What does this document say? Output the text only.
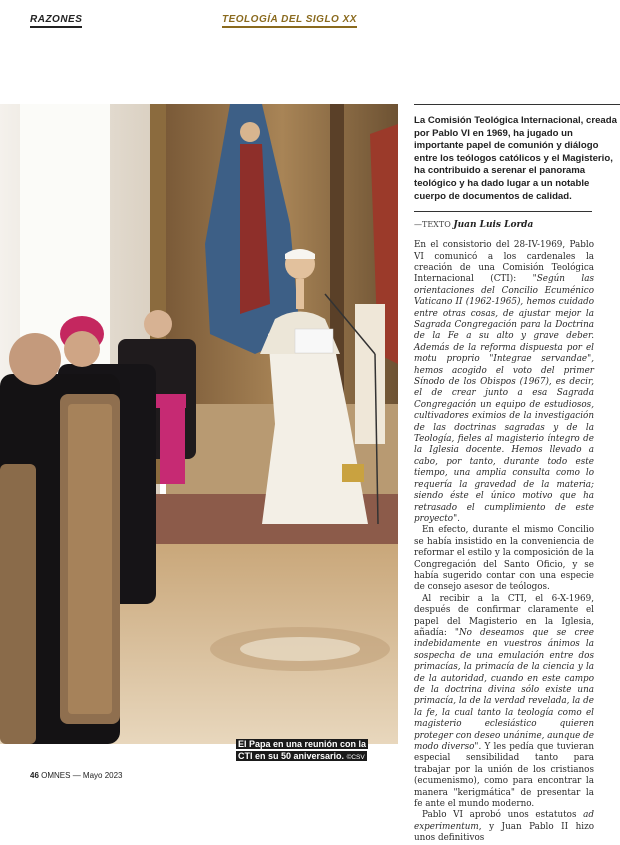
RAZONES	TEOLOGÍA DEL SIGLO XX
El Papa en una reunión con la CTI en su 50 aniversario. ©CSV
La Comisión Teológica Internacional, creada por Pablo VI en 1969, ha jugado un importante papel de comunión y diálogo entre los teólogos católicos y el Magisterio, ha contribuido a serenar el panorama teológico y ha dado lugar a un notable cuerpo de documentos de calidad.
—TEXTO Juan Luis Lorda

En el consistorio del 28-IV-1969, Pablo VI comunicó a los cardenales la creación de una Comisión Teológica Internacional (CTI): "Según las orientaciones del Concilio Ecuménico Vaticano II (1962-1965), hemos cuidado entre otras cosas, de ajustar mejor la Sagrada Congregación para la Doctrina de la Fe a su alto y grave deber. Además de la reforma dispuesta por el motu proprio "Integrae servandae", hemos acogido el voto del primer Sínodo de los Obispos (1967), es decir, el de crear junto a esa Sagrada Congregación un equipo de estudiosos, cultivadores eximios de la investigación de las doctrinas sagradas y de la Teología, fieles al magisterio íntegro de la Iglesia docente. Hemos llevado a cabo, por tanto, durante todo este tiempo, una amplia consulta como lo requería la gravedad de la materia; siendo éste el único motivo que ha retrasado el cumplimiento de este proyecto".

En efecto, durante el mismo Concilio se había insistido en la conveniencia de reformar el estilo y la composición de la Congregación del Santo Oficio, y se había sugerido contar con una especie de consejo asesor de teólogos.

Al recibir a la CTI, el 6-X-1969, después de confirmar claramente el papel del Magisterio en la Iglesia, añadía: "No deseamos que se cree indebidamente en vuestros ánimos la sospecha de una emulación entre dos primacías, la primacía de la ciencia y la de la autoridad, cuando en este campo de la doctrina divina sólo existe una primacía, la de la verdad revelada, la de la fe, la cual tanto la teología como el magisterio eclesiástico quieren proteger con deseo unánime, aunque de modo diverso". Y les pedía que tuvieran especial sensibilidad tanto para trabajar por la unión de los cristianos (ecumenismo), como para encontrar la manera "kerigmática" de presentar la fe ante el mundo moderno.

Pablo VI aprobó unos estatutos ad experimentum, y Juan Pablo II hizo unos definitivos

46 OMNES — Mayo 2023
